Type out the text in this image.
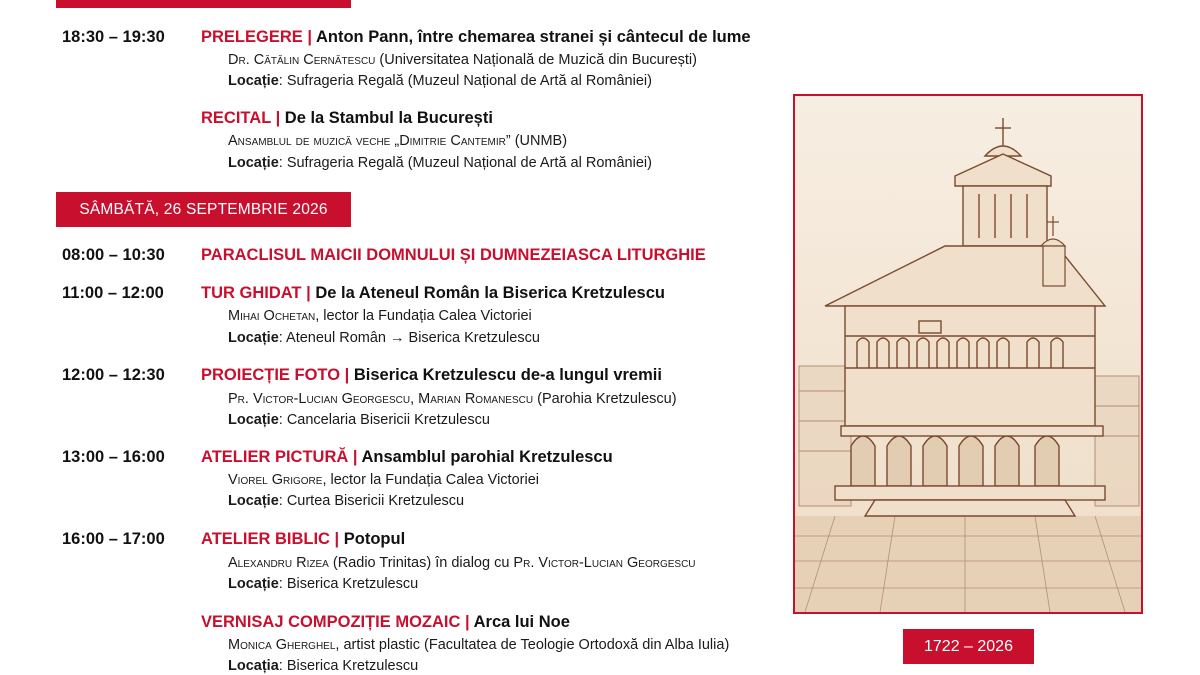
18:30 – 19:30 PRELEGERE | Anton Pann, între chemarea stranei și cântecul de lume
Dr. Cătălin Cernătescu (Universitatea Națională de Muzică din București)
Locație: Sufrageria Regală (Muzeul Național de Artă al României)
RECITAL | De la Stambul la București
Ansamblul de muzică veche „Dimitrie Cantemir” (UNMB)
Locație: Sufrageria Regală (Muzeul Național de Artă al României)
SÂMBĂTĂ, 26 SEPTEMBRIE 2026
08:00 – 10:30 PARACLISUL MAICII DOMNULUI ȘI DUMNEZEIASCA LITURGHIE
11:00 – 12:00 TUR GHIDAT | De la Ateneul Român la Biserica Kretzulescu
Mihai Ochetan, lector la Fundația Calea Victoriei
Locație: Ateneul Român → Biserica Kretzulescu
12:00 – 12:30 PROIECȚIE FOTO | Biserica Kretzulescu de-a lungul vremii
Pr. Victor-Lucian Georgescu, Marian Romanescu (Parohia Kretzulescu)
Locație: Cancelaria Bisericii Kretzulescu
13:00 – 16:00 ATELIER PICTURĂ | Ansamblul parohial Kretzulescu
Viorel Grigore, lector la Fundația Calea Victoriei
Locație: Curtea Bisericii Kretzulescu
16:00 – 17:00 ATELIER BIBLIC | Potopul
Alexandru Rizea (Radio Trinitas) în dialog cu Pr. Victor-Lucian Georgescu
Locație: Biserica Kretzulescu
VERNISAJ COMPOZIȚIE MOZAIC | Arca lui Noe
Monica Gherghel, artist plastic (Facultatea de Teologie Ortodoxă din Alba Iulia)
Locația: Biserica Kretzulescu
1722 – 2026
